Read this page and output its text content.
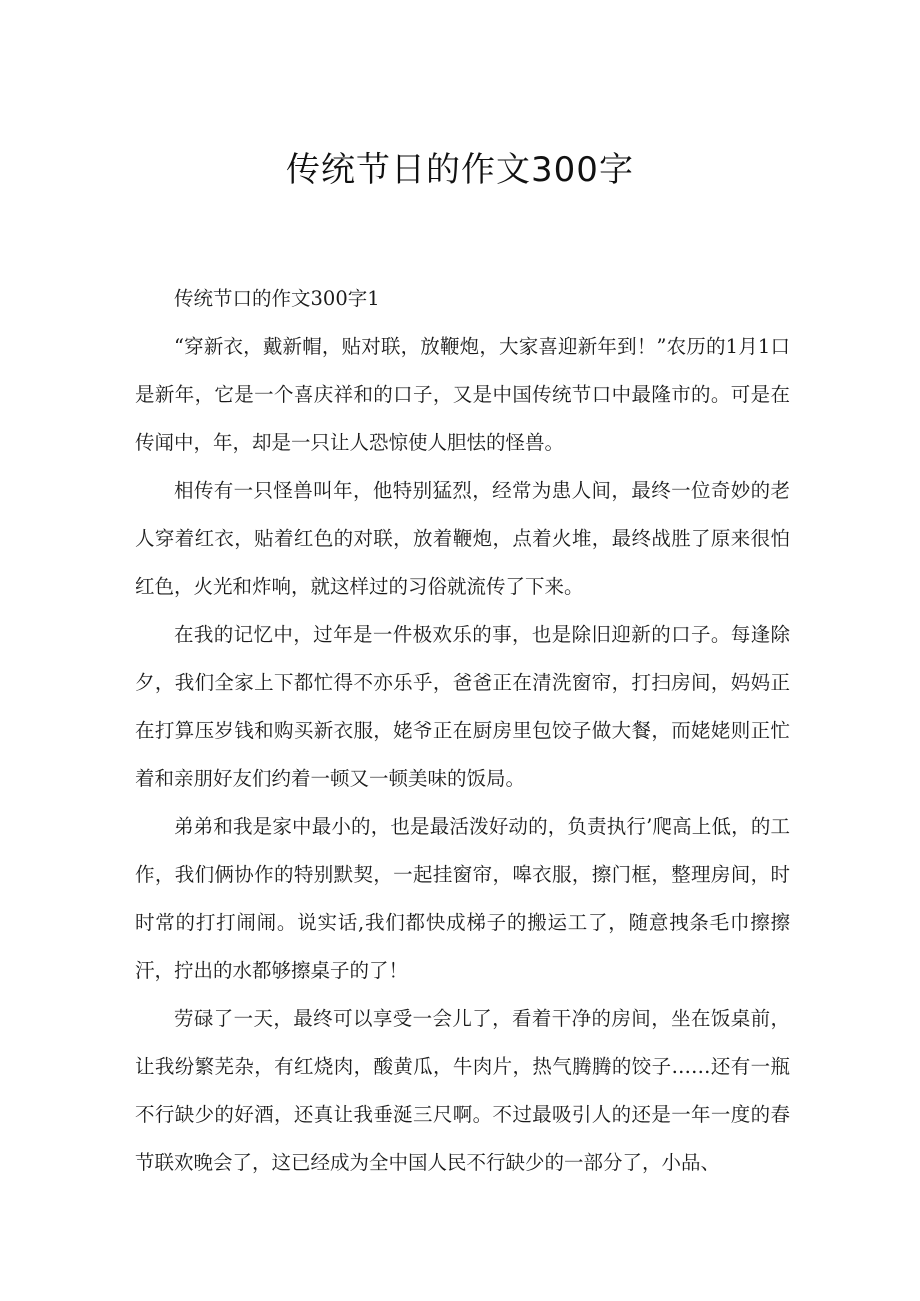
传统节日的作文300字

传统节口的作文300字1

“穿新衣，戴新帽，贴对联，放鞭炮，大家喜迎新年到！”农历的1月1口是新年，它是一个喜庆祥和的口子，又是中国传统节口中最隆市的。可是在传闻中，年，却是一只让人恐惊使人胆怯的怪兽。

相传有一只怪兽叫年，他特别猛烈，经常为患人间，最终一位奇妙的老人穿着红衣，贴着红色的对联，放着鞭炮，点着火堆，最终战胜了原来很怕红色，火光和炸响，就这样过的习俗就流传了下来。

在我的记忆中，过年是一件极欢乐的事，也是除旧迎新的口子。每逢除夕，我们全家上下都忙得不亦乐乎，爸爸正在清洗窗帘，打扫房间，妈妈正在打算压岁钱和购买新衣服，姥爷正在厨房里包饺子做大餐，而姥姥则正忙着和亲朋好友们约着一顿又一顿美味的饭局。

弟弟和我是家中最小的，也是最活泼好动的，负责执行’爬高上低，的工作，我们俩协作的特别默契，一起挂窗帘，嗥衣服，擦门框，整理房间，时时常的打打闹闹。说实话,我们都快成梯子的搬运工了，随意拽条毛巾擦擦汗，拧出的水都够擦桌子的了！

劳碌了一天，最终可以享受一会儿了，看着干净的房间，坐在饭桌前，让我纷繁芜杂，有红烧肉，酸黄瓜，牛肉片，热气腾腾的饺子……还有一瓶不行缺少的好酒，还真让我垂涎三尺啊。不过最吸引人的还是一年一度的春节联欢晚会了，这已经成为全中国人民不行缺少的一部分了，小品、
